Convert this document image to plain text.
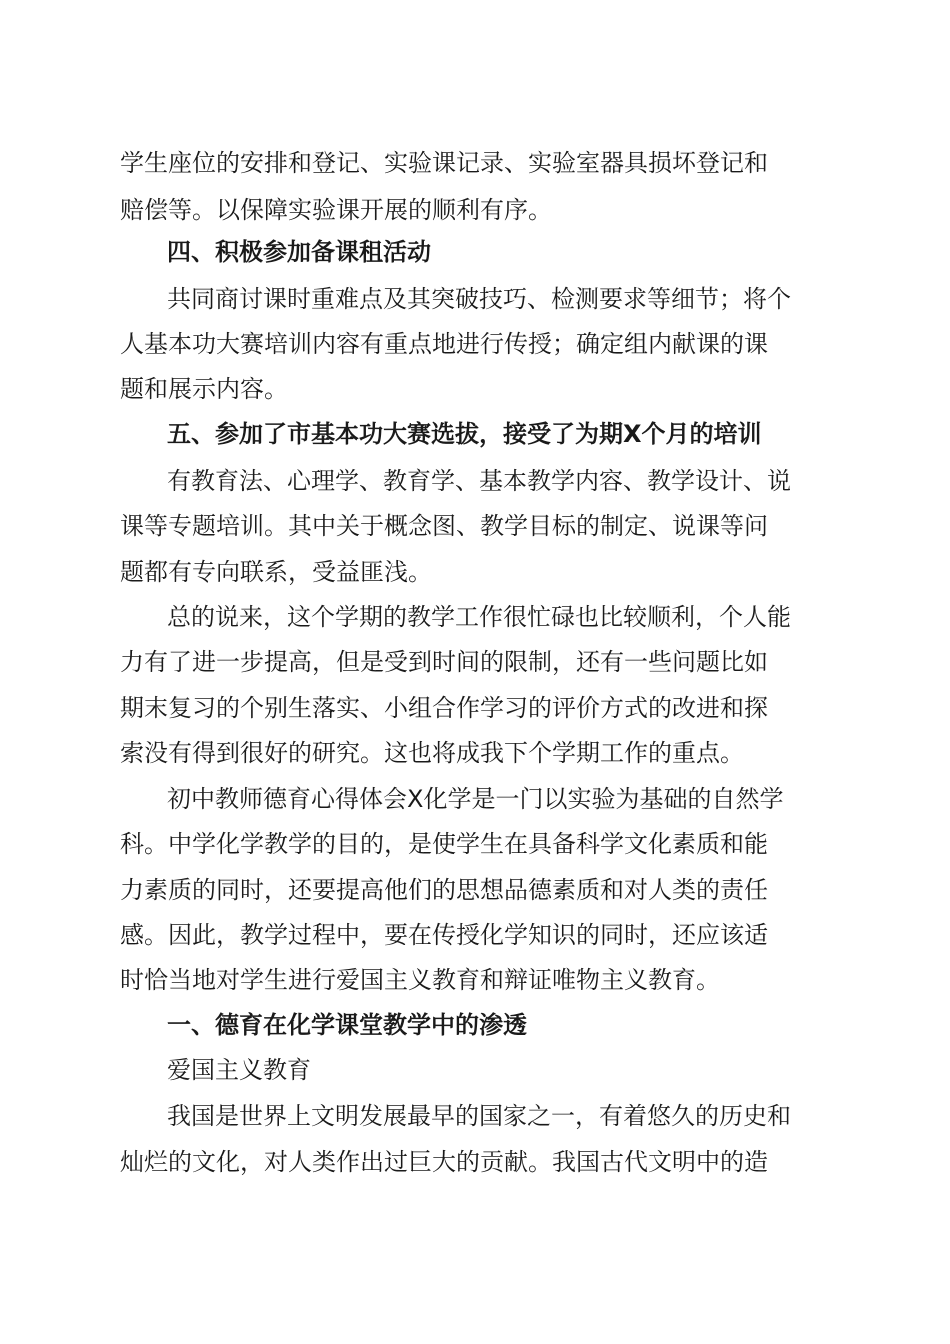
学生座位的安排和登记、实验课记录、实验室器具损坏登记和
赔偿等。以保障实验课开展的顺利有序。
四、积极参加备课租活动
共同商讨课时重难点及其突破技巧、检测要求等细节；将个
人基本功大赛培训内容有重点地进行传授；确定组内献课的课
题和展示内容。
五、参加了市基本功大赛选拔，接受了为期X个月的培训
有教育法、心理学、教育学、基本教学内容、教学设计、说
课等专题培训。其中关于概念图、教学目标的制定、说课等问
题都有专向联系，受益匪浅。
总的说来，这个学期的教学工作很忙碌也比较顺利，个人能
力有了进一步提高，但是受到时间的限制，还有一些问题比如
期末复习的个别生落实、小组合作学习的评价方式的改进和探
索没有得到很好的研究。这也将成我下个学期工作的重点。
初中教师德育心得体会X化学是一门以实验为基础的自然学
科。中学化学教学的目的，是使学生在具备科学文化素质和能
力素质的同时，还要提高他们的思想品德素质和对人类的责任
感。因此，教学过程中，要在传授化学知识的同时，还应该适
时恰当地对学生进行爱国主义教育和辩证唯物主义教育。
一、德育在化学课堂教学中的渗透
爱国主义教育
我国是世界上文明发展最早的国家之一，有着悠久的历史和
灿烂的文化，对人类作出过巨大的贡献。我国古代文明中的造
